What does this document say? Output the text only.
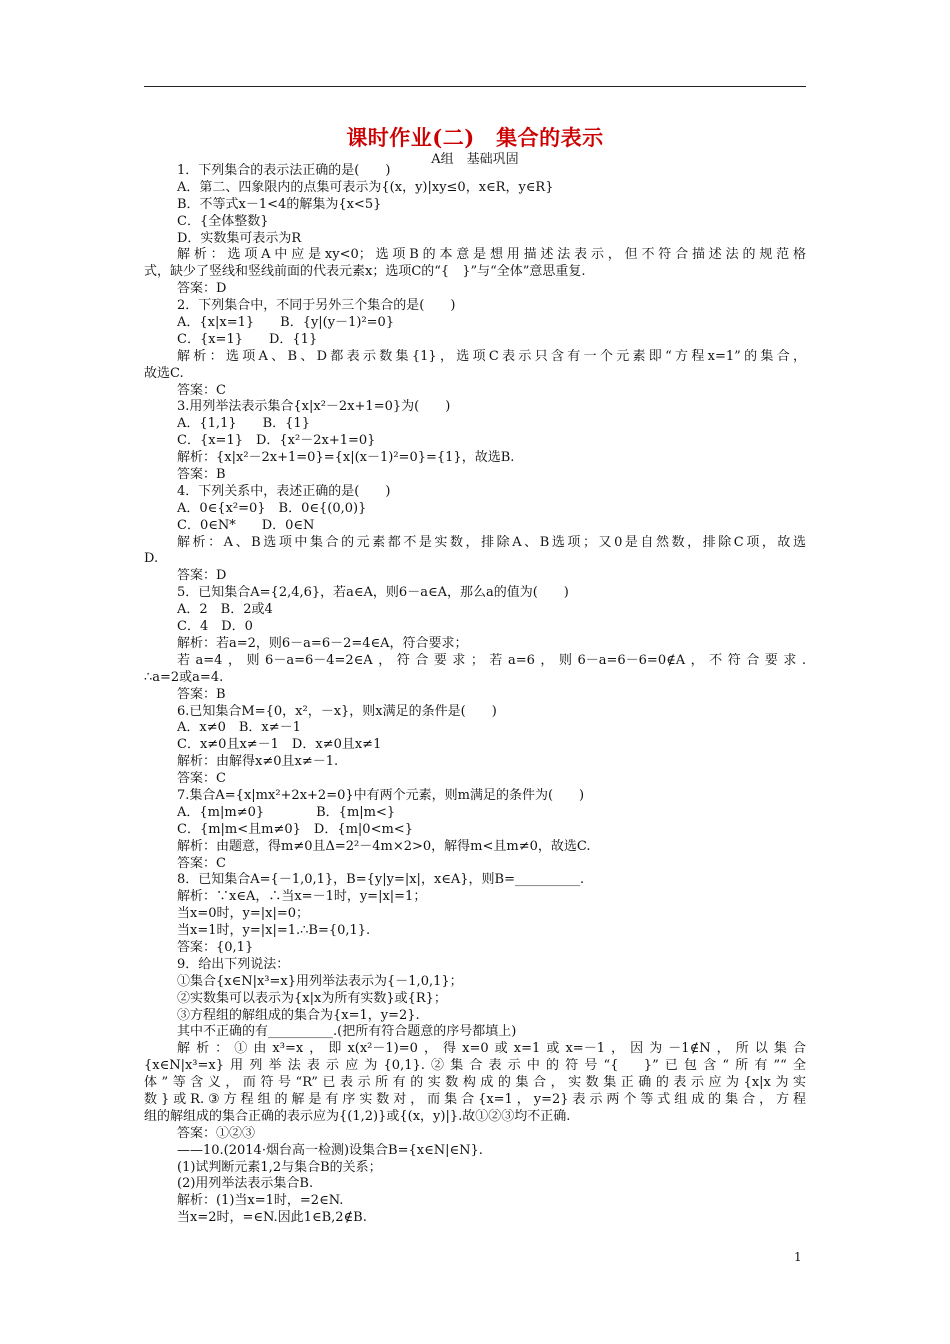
课时作业(二)　集合的表示
A组　基础巩固
1．下列集合的表示法正确的是(　　)
A．第二、四象限内的点集可表示为{(x，y)|xy≤0，x∈R，y∈R}
B．不等式x－1<4的解集为{x<5}
C．{全体整数}
D．实数集可表示为R
解析：选项A中应是xy<0；选项B的本意是想用描述法表示，但不符合描述法的规范格
式，缺少了竖线和竖线前面的代表元素x；选项C的“{　}”与“全体”意思重复.
答案：D
2．下列集合中，不同于另外三个集合的是(　　)
A．{x|x=1}　　B．{y|(y－1)²=0}
C．{x=1}　　D．{1}
解析：选项A、B、D都表示数集{1}，选项C表示只含有一个元素即“方程x=1”的集合，
故选C.
答案：C
3.用列举法表示集合{x|x²－2x+1=0}为(　　)
A．{1,1}　　B．{1}
C．{x=1}　D．{x²－2x+1=0}
解析：{x|x²－2x+1=0}={x|(x－1)²=0}={1}，故选B.
答案：B
4．下列关系中，表述正确的是(　　)
A．0∈{x²=0}　B．0∈{(0,0)}
C．0∈N*　　D．0∈N
解析：A、B选项中集合的元素都不是实数，排除A、B选项；又0是自然数，排除C项，故选
D.
答案：D
5．已知集合A={2,4,6}，若a∈A，则6－a∈A，那么a的值为(　　)
A．2　B．2或4
C．4　D．0
解析：若a=2，则6－a=6－2=4∈A，符合要求；
若a=4，则6－a=6－4=2∈A，符合要求；若a=6，则6－a=6－6=0∉A，不符合要求.
∴a=2或a=4.
答案：B
6.已知集合M={0，x²，－x}，则x满足的条件是(　　)
A．x≠0　B．x≠－1
C．x≠0且x≠－1　D．x≠0且x≠1
解析：由解得x≠0且x≠－1.
答案：C
7.集合A={x|mx²+2x+2=0}中有两个元素，则m满足的条件为(　　)
A．{m|m≠0}　　　　B．{m|m<}
C．{m|m<且m≠0}　D．{m|0<m<}
解析：由题意，得m≠0且Δ=2²－4m×2>0，解得m<且m≠0，故选C.
答案：C
8．已知集合A={－1,0,1}，B={y|y=|x|，x∈A}，则B=__________.
解析：∵x∈A，∴当x=－1时，y=|x|=1；
当x=0时，y=|x|=0；
当x=1时，y=|x|=1.∴B={0,1}.
答案：{0,1}
9．给出下列说法：
①集合{x∈N|x³=x}用列举法表示为{－1,0,1}；
②实数集可以表示为{x|x为所有实数}或{R}；
③方程组的解组成的集合为{x=1，y=2}.
其中不正确的有__________.(把所有符合题意的序号都填上)
解析：①由x³=x，即x(x²－1)=0，得x=0或x=1或x=－1，因为－1∉N，所以集合
{x∈N|x³=x}用列举法表示应为{0,1}.②集合表示中的符号“{　}”已包含“所有”“全
体”等含义，而符号“R”已表示所有的实数构成的集合，实数集正确的表示应为{x|x为实
数}或R.③方程组的解是有序实数对，而集合{x=1，y=2}表示两个等式组成的集合，方程
组的解组成的集合正确的表示应为{(1,2)}或{(x，y)|}.故①②③均不正确.
答案：①②③
——10.(2014·烟台高一检测)设集合B={x∈N|∈N}.
(1)试判断元素1,2与集合B的关系；
(2)用列举法表示集合B.
解析：(1)当x=1时，=2∈N.
当x=2时，=∈N.因此1∈B,2∉B.
1
